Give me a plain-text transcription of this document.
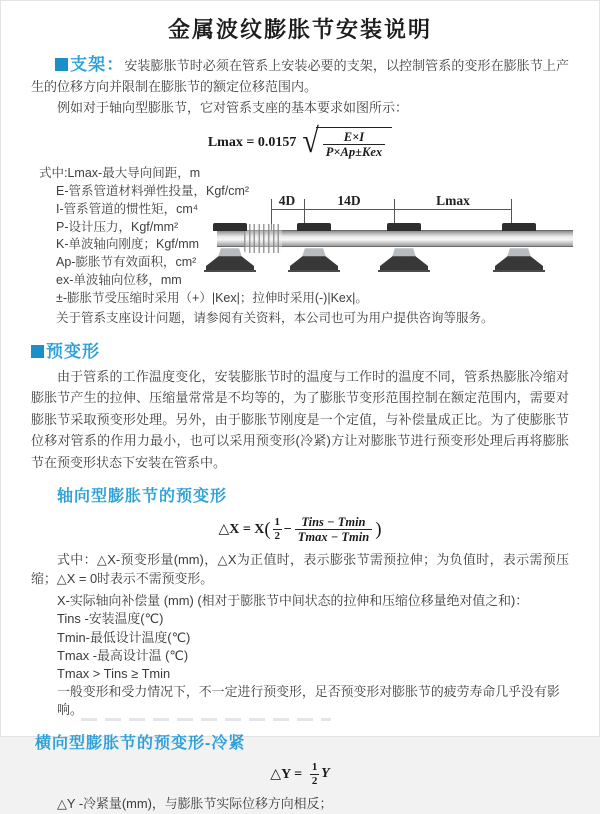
金属波纹膨胀节安装说明

支架：安装膨胀节时必须在管系上安装必要的支架，以控制管系的变形在膨胀节上产生的位移方向并限制在膨胀节的额定位移范围内。

例如对于轴向型膨胀节，它对管系支座的基本要求如图所示：

Lmax = 0.0157 √ $\frac{E\times I}{\text{P×Ap±Kex}}$
式中:Lmax-最大导向间距，m
E-管系管道材料弹性投量，Kgf/cm²
I-管系管道的惯性矩，cm⁴
P-设计压力，Kgf/mm²
K-单波轴向刚度；Kgf/mm
Ap-膨胀节有效面积，cm²
ex-单波轴向位移，mm
±-膨胀节受压缩时采用（+）|Kex|；拉伸时采用(-)|Kex|。
关于管系支座设计问题，请参阅有关资料，本公司也可为用户提供咨询等服务。
4D	14D	Lmax

预变形

由于管系的工作温度变化，安装膨胀节时的温度与工作时的温度不同，管系热膨胀冷缩对膨胀节产生的拉伸、压缩量常常是不均等的，为了膨胀节变形范围控制在额定范围内，需要对膨胀节采取预变形处理。另外，由于膨胀节刚度是一个定值，与补偿量成正比。为了使膨胀节位移对管系的作用力最小，也可以采用预变形(冷紧)方让对膨胀节进行预变形处理后再将膨胀节在预变形状态下安装在管系中。

轴向型膨胀节的预变形

△X = X ( 1
$2 - \frac{\text{Tins − Tmin}}{Tmax - Tmin}$ )

式中：△X-预变形量(mm)，△X为正值时，表示膨张节需预拉伸；为负值时，表示需预压缩；△X = 0时表示不需预变形。

X-实际轴向补偿量 (mm) (相对于膨胀节中间状态的拉伸和压缩位移量绝对值之和)：
Tins -安装温度(℃)
Tmin-最低设计温度(℃)
Tmax -最高设计温 (℃)
Tmax > Tins ≥ Tmin
一般变形和受力情况下，不一定进行预变形，足否预变形对膨胀节的疲劳寿命几乎没有影响。

横向型膨胀节的预变形-冷紧

△Y =
1
2 Y

△Y -冷紧量(mm)，与膨胀节实际位移方向相反；
